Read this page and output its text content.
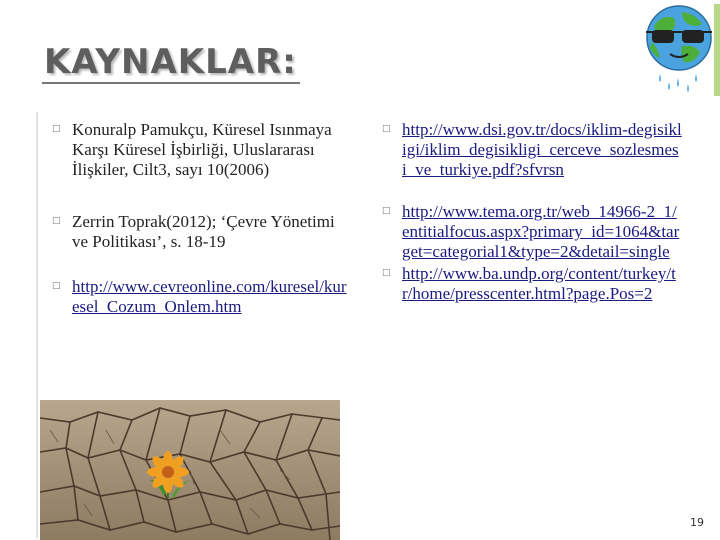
KAYNAKLAR:
□ Konuralp Pamukçu, Küresel Isınmaya Karşı Küresel İşbirliği, Uluslararası İlişkiler, Cilt3, sayı 10(2006)
□ Zerrin Toprak(2012); ‘Çevre Yönetimi ve Politikası’, s. 18-19
□ http://www.cevreonline.com/kuresel/kuresel_Cozum_Onlem.htm
□ http://www.dsi.gov.tr/docs/iklim-degisikligi/iklim_degisikligi_cerceve_sozlesmesi_ve_turkiye.pdf?sfvrsn
□ http://www.tema.org.tr/web_14966-2_1/entitialfocus.aspx?primary_id=1064&target=categorial1&type=2&detail=single
□ http://www.ba.undp.org/content/turkey/tr/home/presscenter.html?page.Pos=2
19
